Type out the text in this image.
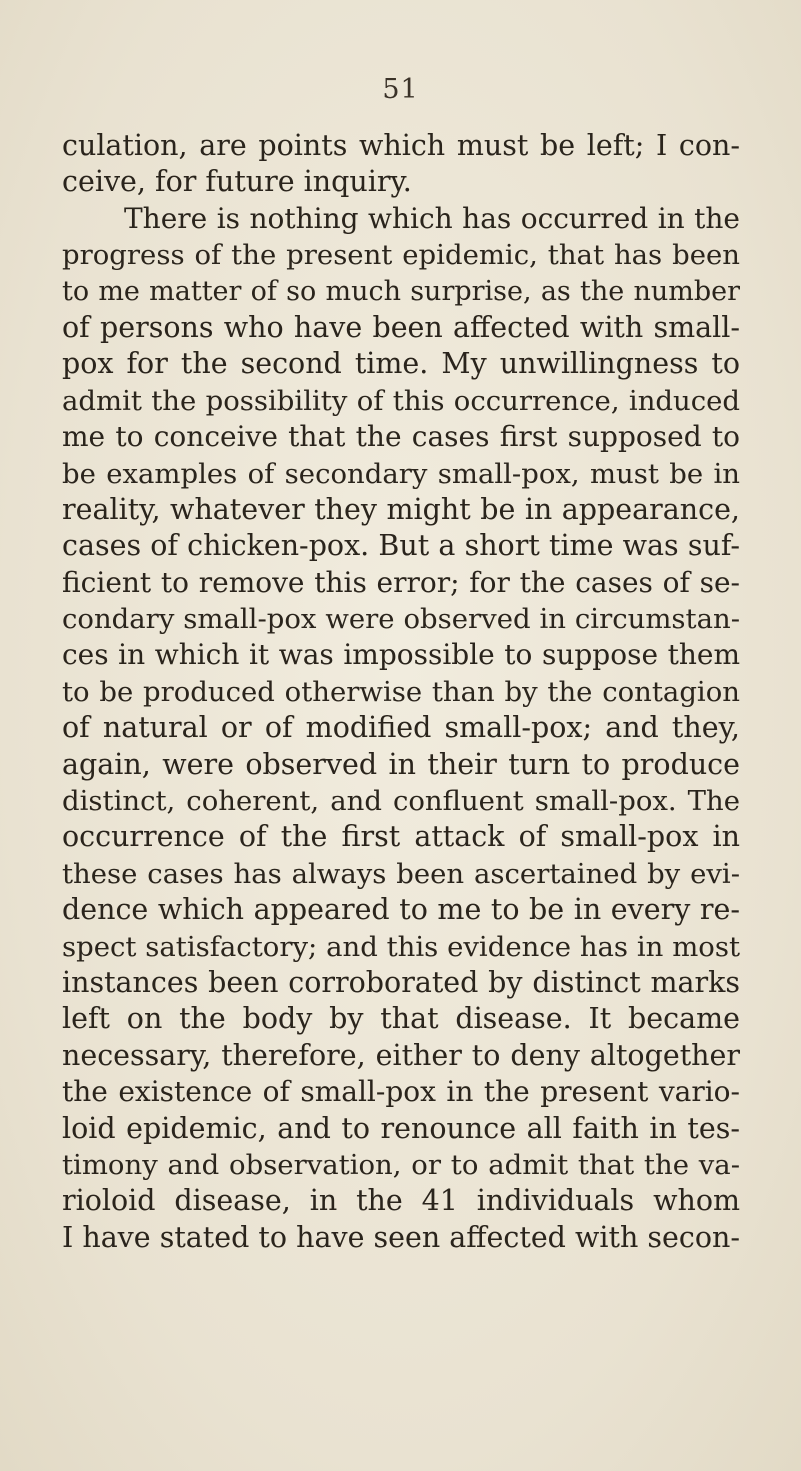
51
culation, are points which must be left; I con-
ceive, for future inquiry.
There is nothing which has occurred in the
progress of the present epidemic, that has been
to me matter of so much surprise, as the number
of persons who have been affected with small-
pox for the second time. My unwillingness to
admit the possibility of this occurrence, induced
me to conceive that the cases first supposed to
be examples of secondary small-pox, must be in
reality, whatever they might be in appearance,
cases of chicken-pox. But a short time was suf-
ficient to remove this error; for the cases of se-
condary small-pox were observed in circumstan-
ces in which it was impossible to suppose them
to be produced otherwise than by the contagion
of natural or of modified small-pox; and they,
again, were observed in their turn to produce
distinct, coherent, and confluent small-pox. The
occurrence of the first attack of small-pox in
these cases has always been ascertained by evi-
dence which appeared to me to be in every re-
spect satisfactory; and this evidence has in most
instances been corroborated by distinct marks
left on the body by that disease. It became
necessary, therefore, either to deny altogether
the existence of small-pox in the present vario-
loid epidemic, and to renounce all faith in tes-
timony and observation, or to admit that the va-
rioloid disease, in the 41 individuals whom
I have stated to have seen affected with secon-
